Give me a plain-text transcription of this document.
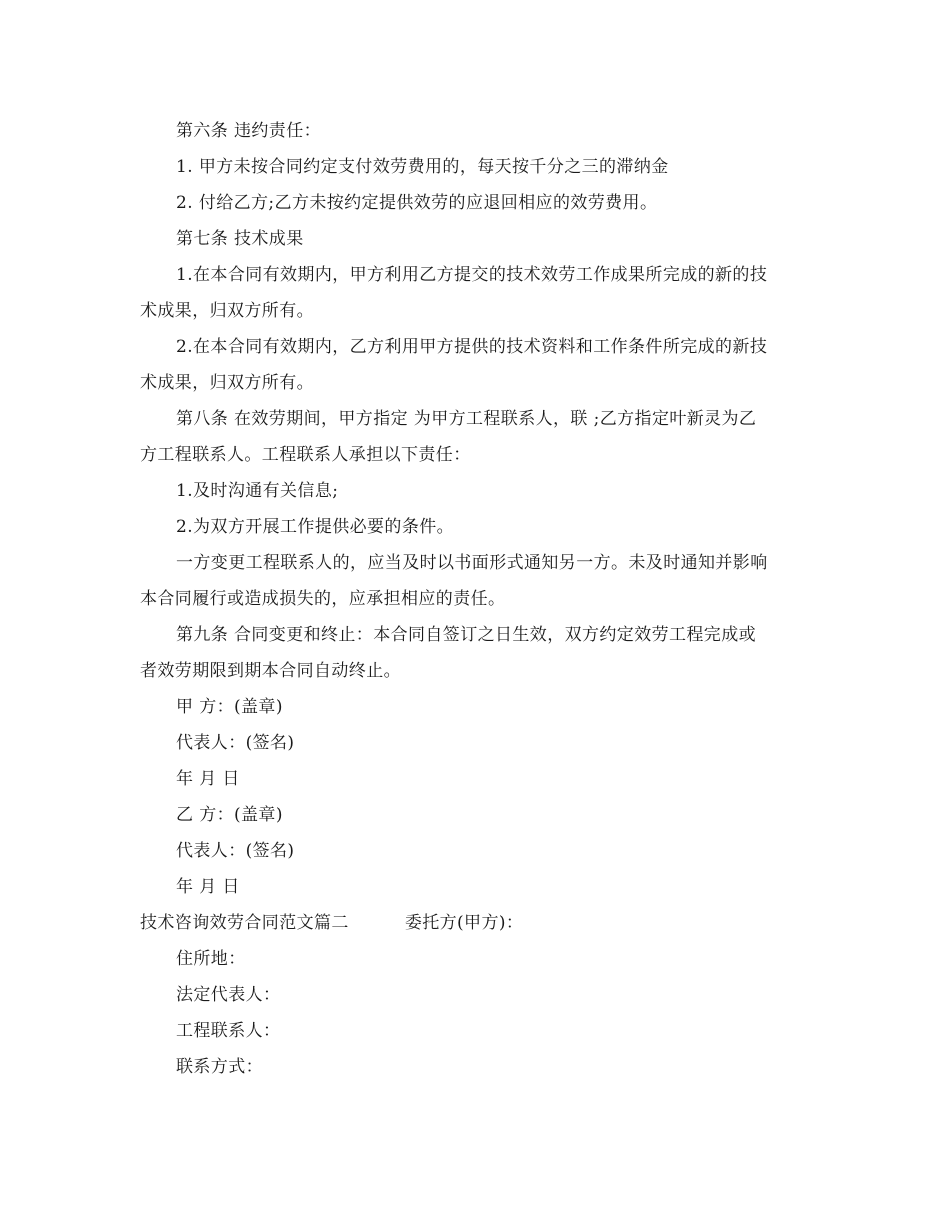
第六条 违约责任：
1. 甲方未按合同约定支付效劳费用的，每天按千分之三的滞纳金
2. 付给乙方;乙方未按约定提供效劳的应退回相应的效劳费用。
第七条 技术成果
1.在本合同有效期内，甲方利用乙方提交的技术效劳工作成果所完成的新的技
术成果，归双方所有。
2.在本合同有效期内，乙方利用甲方提供的技术资料和工作条件所完成的新技
术成果，归双方所有。
第八条 在效劳期间，甲方指定 为甲方工程联系人，联 ;乙方指定叶新灵为乙
方工程联系人。工程联系人承担以下责任：
1.及时沟通有关信息;
2.为双方开展工作提供必要的条件。
一方变更工程联系人的，应当及时以书面形式通知另一方。未及时通知并影响
本合同履行或造成损失的，应承担相应的责任。
第九条 合同变更和终止：本合同自签订之日生效，双方约定效劳工程完成或
者效劳期限到期本合同自动终止。
甲 方：(盖章)
代表人：(签名)
年 月 日
乙 方：(盖章)
代表人：(签名)
年 月 日
技术咨询效劳合同范文篇二	委托方(甲方)：
住所地：
法定代表人：
工程联系人：
联系方式：
